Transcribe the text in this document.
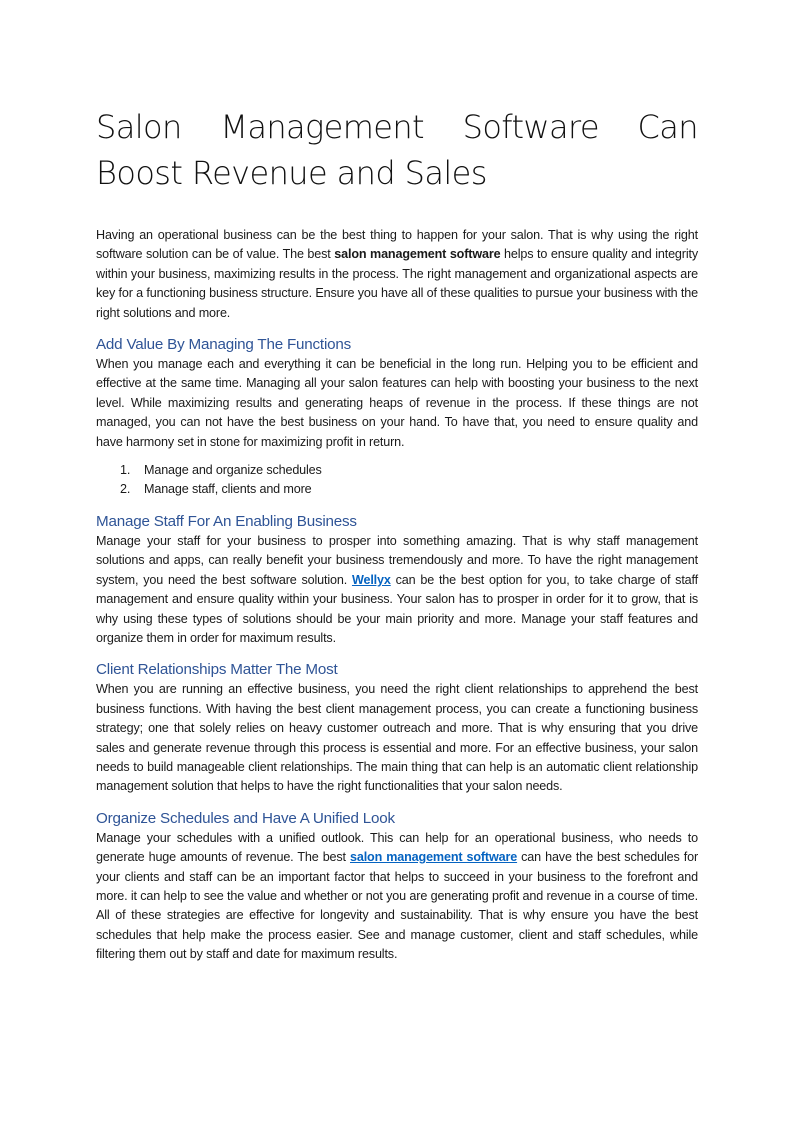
Salon Management Software Can Boost Revenue and Sales

Having an operational business can be the best thing to happen for your salon. That is why using the right software solution can be of value. The best salon management software helps to ensure quality and integrity within your business, maximizing results in the process. The right management and organizational aspects are key for a functioning business structure. Ensure you have all of these qualities to pursue your business with the right solutions and more.

Add Value By Managing The Functions

When you manage each and everything it can be beneficial in the long run. Helping you to be efficient and effective at the same time. Managing all your salon features can help with boosting your business to the next level. While maximizing results and generating heaps of revenue in the process. If these things are not managed, you can not have the best business on your hand. To have that, you need to ensure quality and have harmony set in stone for maximizing profit in return.

1.	Manage and organize schedules
2.	Manage staff, clients and more
Manage Staff For An Enabling Business

Manage your staff for your business to prosper into something amazing. That is why staff management solutions and apps, can really benefit your business tremendously and more. To have the right management system, you need the best software solution. Wellyx can be the best option for you, to take charge of staff management and ensure quality within your business. Your salon has to prosper in order for it to grow, that is why using these types of solutions should be your main priority and more. Manage your staff features and organize them in order for maximum results.

Client Relationships Matter The Most

When you are running an effective business, you need the right client relationships to apprehend the best business functions. With having the best client management process, you can create a functioning business strategy; one that solely relies on heavy customer outreach and more. That is why ensuring that you drive sales and generate revenue through this process is essential and more. For an effective business, your salon needs to build manageable client relationships. The main thing that can help is an automatic client relationship management solution that helps to have the right functionalities that your salon needs.

Organize Schedules and Have A Unified Look

Manage your schedules with a unified outlook. This can help for an operational business, who needs to generate huge amounts of revenue. The best salon management software can have the best schedules for your clients and staff can be an important factor that helps to succeed in your business to the forefront and more. it can help to see the value and whether or not you are generating profit and revenue in a course of time. All of these strategies are effective for longevity and sustainability. That is why ensure you have the best schedules that help make the process easier. See and manage customer, client and staff schedules, while filtering them out by staff and date for maximum results.
